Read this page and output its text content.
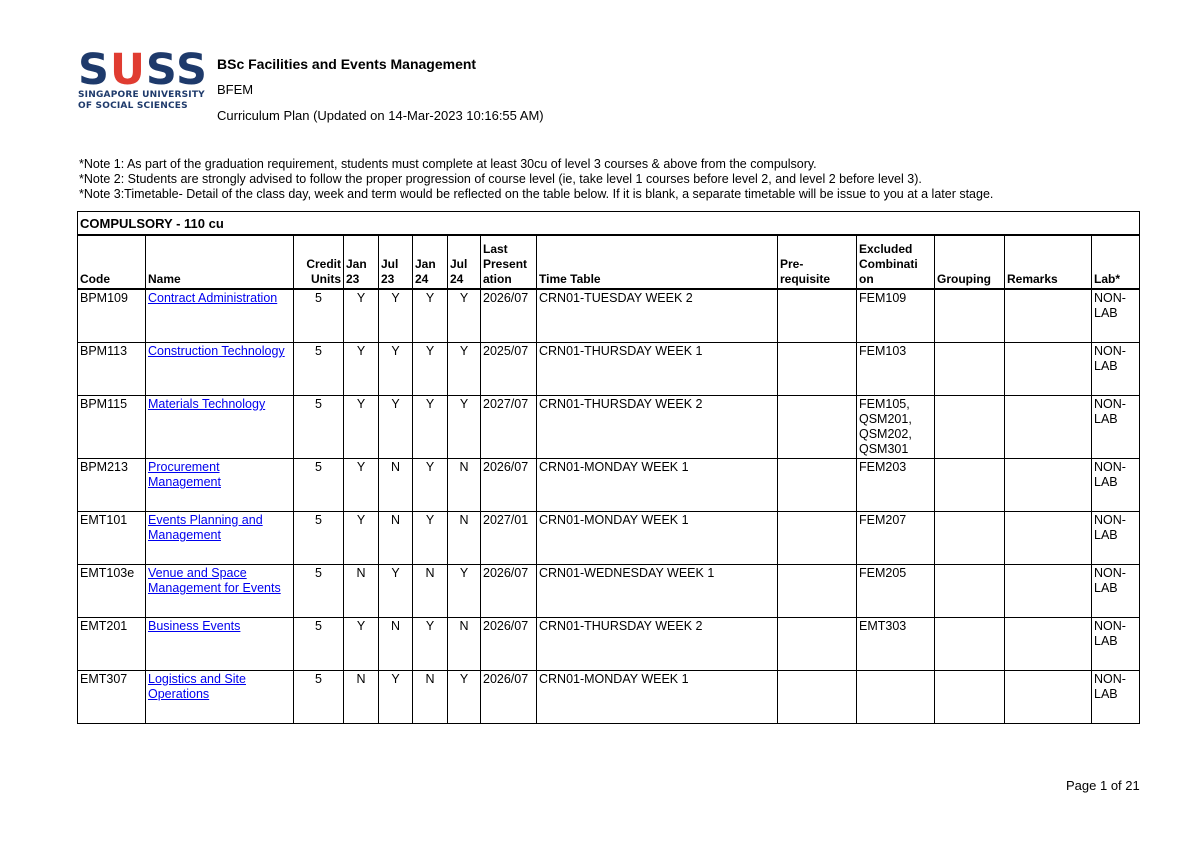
SUSS
SINGAPORE UNIVERSITY
OF SOCIAL SCIENCES
BSc Facilities and Events Management
BFEM
Curriculum Plan (Updated on 14-Mar-2023 10:16:55 AM)
*Note 1: As part of the graduation requirement, students must complete at least 30cu of level 3 courses & above from the compulsory.
*Note 2: Students are strongly advised to follow the proper progression of course level (ie, take level 1 courses before level 2, and level 2 before level 3).
*Note 3:Timetable- Detail of the class day, week and term would be reflected on the table below. If it is blank, a separate timetable will be issue to you at a later stage.
COMPULSORY - 110 cu													
Code	Name	Credit Units	Jan 23	Jul 23	Jan 24	Jul 24	Last Present ation	Time Table	Pre- requisite	Excluded Combinati on	Grouping	Remarks	Lab*
BPM109	Contract Administration	5	Y	Y	Y	Y	2026/07	CRN01-TUESDAY WEEK 2		FEM109			NON-LAB
BPM113	Construction Technology	5	Y	Y	Y	Y	2025/07	CRN01-THURSDAY WEEK 1		FEM103			NON-LAB
BPM115	Materials Technology	5	Y	Y	Y	Y	2027/07	CRN01-THURSDAY WEEK 2		FEM105, QSM201, QSM202, QSM301			NON-LAB
BPM213	Procurement Management	5	Y	N	Y	N	2026/07	CRN01-MONDAY WEEK 1		FEM203			NON-LAB
EMT101	Events Planning and Management	5	Y	N	Y	N	2027/01	CRN01-MONDAY WEEK 1		FEM207			NON-LAB
EMT103e	Venue and Space Management for Events	5	N	Y	N	Y	2026/07	CRN01-WEDNESDAY WEEK 1		FEM205			NON-LAB
EMT201	Business Events	5	Y	N	Y	N	2026/07	CRN01-THURSDAY WEEK 2		EMT303			NON-LAB
EMT307	Logistics and Site Operations	5	N	Y	N	Y	2026/07	CRN01-MONDAY WEEK 1					NON-LAB
Page 1 of 21
